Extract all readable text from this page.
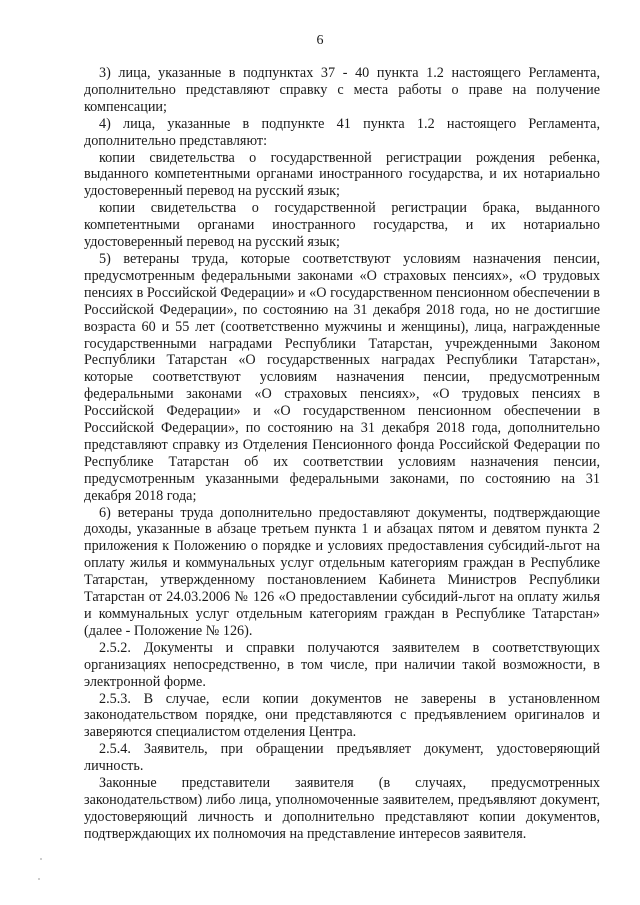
6

3) лица, указанные в подпунктах 37 - 40 пункта 1.2 настоящего Регламента, дополнительно представляют справку с места работы о праве на получение компенсации;

4) лица, указанные в подпункте 41 пункта 1.2 настоящего Регламента, дополнительно представляют:

копии свидетельства о государственной регистрации рождения ребенка, выданного компетентными органами иностранного государства, и их нотариально удостоверенный перевод на русский язык;

копии свидетельства о государственной регистрации брака, выданного компетентными органами иностранного государства, и их нотариально удостоверенный перевод на русский язык;

5) ветераны труда, которые соответствуют условиям назначения пенсии, предусмотренным федеральными законами «О страховых пенсиях», «О трудовых пенсиях в Российской Федерации» и «О государственном пенсионном обеспечении в Российской Федерации», по состоянию на 31 декабря 2018 года, но не достигшие возраста 60 и 55 лет (соответственно мужчины и женщины), лица, награжденные государственными наградами Республики Татарстан, учрежденными Законом Республики Татарстан «О государственных наградах Республики Татарстан», которые соответствуют условиям назначения пенсии, предусмотренным федеральными законами «О страховых пенсиях», «О трудовых пенсиях в Российской Федерации» и «О государственном пенсионном обеспечении в Российской Федерации», по состоянию на 31 декабря 2018 года, дополнительно представляют справку из Отделения Пенсионного фонда Российской Федерации по Республике Татарстан об их соответствии условиям назначения пенсии, предусмотренным указанными федеральными законами, по состоянию на 31 декабря 2018 года;

6) ветераны труда дополнительно предоставляют документы, подтверждающие доходы, указанные в абзаце третьем пункта 1 и абзацах пятом и девятом пункта 2 приложения к Положению о порядке и условиях предоставления субсидий-льгот на оплату жилья и коммунальных услуг отдельным категориям граждан в Республике Татарстан, утвержденному постановлением Кабинета Министров Республики Татарстан от 24.03.2006 № 126 «О предоставлении субсидий-льгот на оплату жилья и коммунальных услуг отдельным категориям граждан в Республике Татарстан» (далее - Положение № 126).

2.5.2. Документы и справки получаются заявителем в соответствующих организациях непосредственно, в том числе, при наличии такой возможности, в электронной форме.

2.5.3. В случае, если копии документов не заверены в установленном законодательством порядке, они представляются с предъявлением оригиналов и заверяются специалистом отделения Центра.

2.5.4. Заявитель, при обращении предъявляет документ, удостоверяющий личность.

Законные представители заявителя (в случаях, предусмотренных законодательством) либо лица, уполномоченные заявителем, предъявляют документ, удостоверяющий личность и дополнительно представляют копии документов, подтверждающих их полномочия на представление интересов заявителя.
